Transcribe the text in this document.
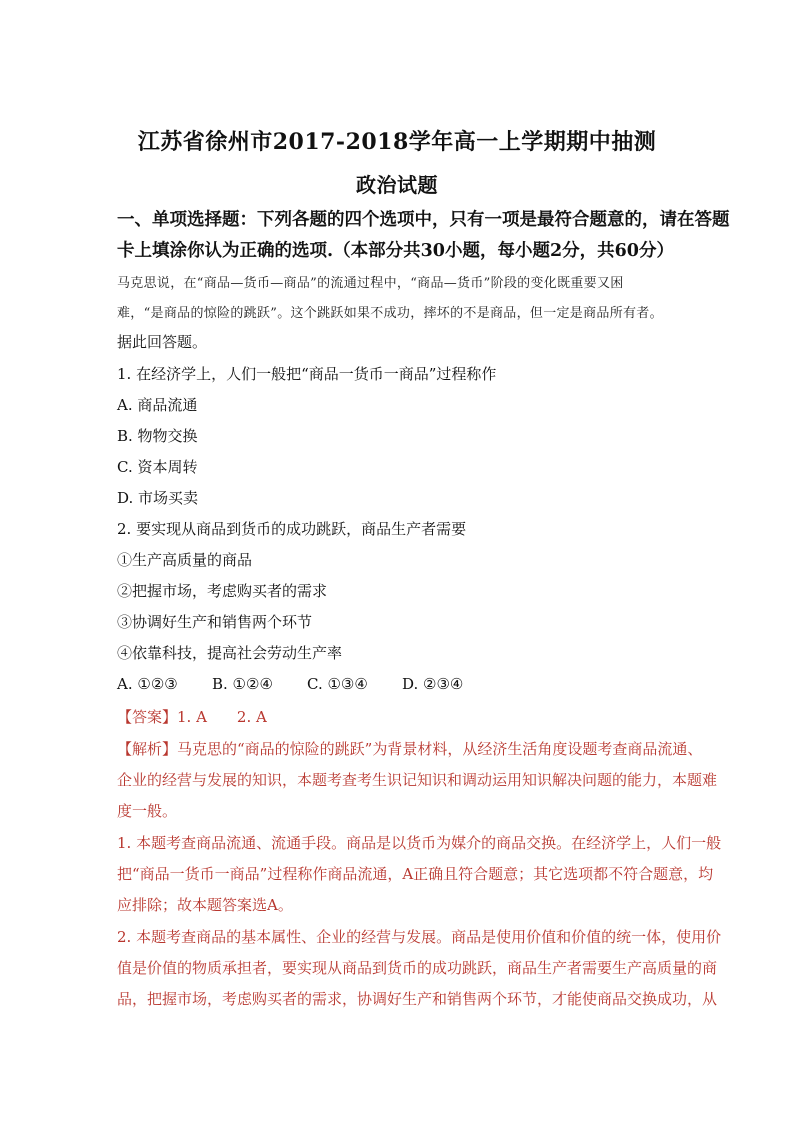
江苏省徐州市2017-2018学年高一上学期期中抽测
政治试题
一、单项选择题：下列各题的四个选项中，只有一项是最符合题意的，请在答题
卡上填涂你认为正确的选项.（本部分共30小题，每小题2分，共60分）
马克思说，在“商品—货币—商品”的流通过程中，“商品—货币”阶段的变化既重要又困
难，“是商品的惊险的跳跃”。这个跳跃如果不成功，摔坏的不是商品，但一定是商品所有者。
据此回答题。
1. 在经济学上，人们一般把“商品一货币一商品”过程称作
A. 商品流通
B. 物物交换
C. 资本周转
D. 市场买卖
2. 要实现从商品到货币的成功跳跃，商品生产者需要
①生产高质量的商品
②把握市场，考虑购买者的需求
③协调好生产和销售两个环节
④依靠科技，提高社会劳动生产率
A. ①②③ B. ①②④ C. ①③④ D. ②③④
【答案】1. A　　2. A
【解析】马克思的“商品的惊险的跳跃”为背景材料，从经济生活角度设题考查商品流通、
企业的经营与发展的知识，本题考查考生识记知识和调动运用知识解决问题的能力，本题难
度一般。
1. 本题考查商品流通、流通手段。商品是以货币为媒介的商品交换。在经济学上，人们一般
把“商品一货币一商品”过程称作商品流通，A正确且符合题意；其它选项都不符合题意，均
应排除；故本题答案选A。
2. 本题考查商品的基本属性、企业的经营与发展。商品是使用价值和价值的统一体，使用价
值是价值的物质承担者，要实现从商品到货币的成功跳跃，商品生产者需要生产高质量的商
品，把握市场，考虑购买者的需求，协调好生产和销售两个环节，才能使商品交换成功，从
